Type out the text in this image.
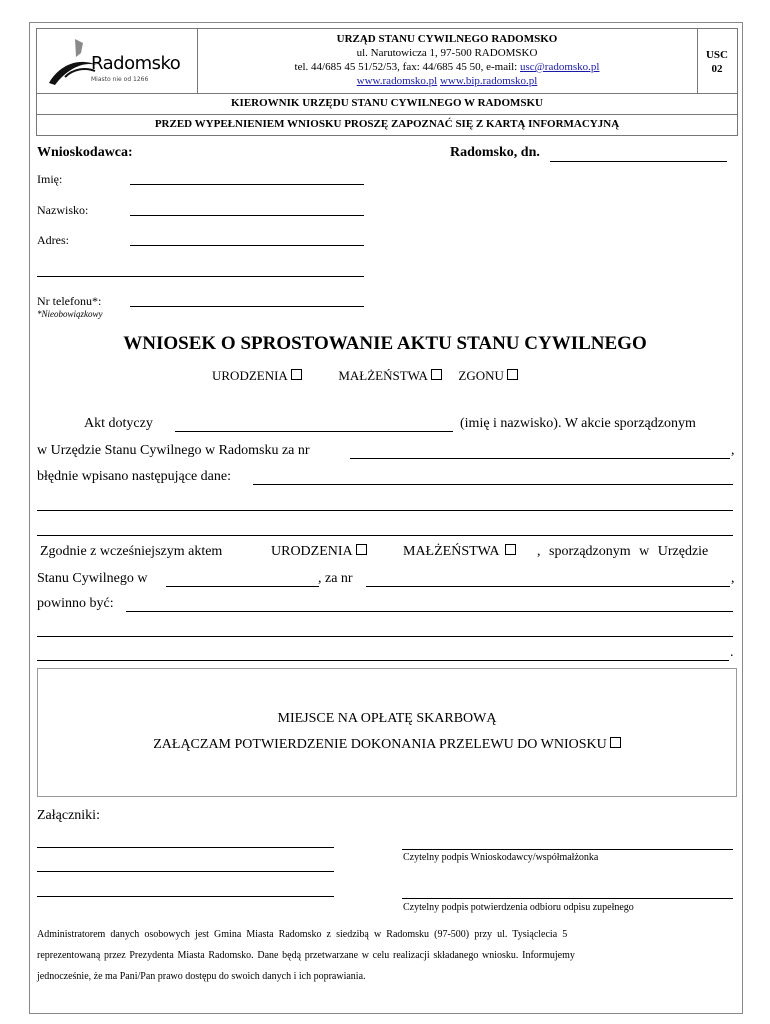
Radomsko
Miasto nie od 1266
URZĄD STANU CYWILNEGO RADOMSKO
ul. Narutowicza 1, 97-500 RADOMSKO
tel. 44/685 45 51/52/53, fax: 44/685 45 50, e-mail: usc@radomsko.pl
www.radomsko.pl www.bip.radomsko.pl
USC
02
KIEROWNIK URZĘDU STANU CYWILNEGO W RADOMSKU
PRZED WYPEŁNIENIEM WNIOSKU PROSZĘ ZAPOZNAĆ SIĘ Z KARTĄ INFORMACYJNĄ
Wnioskodawca:	Radomsko, dn.
Imię:
Nazwisko:
Adres:
Nr telefonu*:
*Nieobowiązkowy
WNIOSEK O SPROSTOWANIE AKTU STANU CYWILNEGO
URODZENIA	MAŁŻEŃSTWA ZGONU
Akt dotyczy	(imię i nazwisko). W akcie sporządzonym
w Urzędzie Stanu Cywilnego w Radomsku za nr	,
błędnie wpisano następujące dane:
Zgodnie z wcześniejszym aktem	URODZENIA	MAŁŻEŃSTWA	, sporządzonym w Urzędzie
Stanu Cywilnego w	, za nr	,
powinno być:
.
MIEJSCE NA OPŁATĘ SKARBOWĄ
ZAŁĄCZAM POTWIERDZENIE DOKONANIA PRZELEWU DO WNIOSKU
Załączniki:
Czytelny podpis Wnioskodawcy/współmałżonka
Czytelny podpis potwierdzenia odbioru odpisu zupełnego
Administratorem danych osobowych jest Gmina Miasta Radomsko z siedzibą w Radomsku (97-500) przy ul. Tysiąclecia 5
reprezentowaną przez Prezydenta Miasta Radomsko. Dane będą przetwarzane w celu realizacji składanego wniosku. Informujemy
jednocześnie, że ma Pani/Pan prawo dostępu do swoich danych i ich poprawiania.
